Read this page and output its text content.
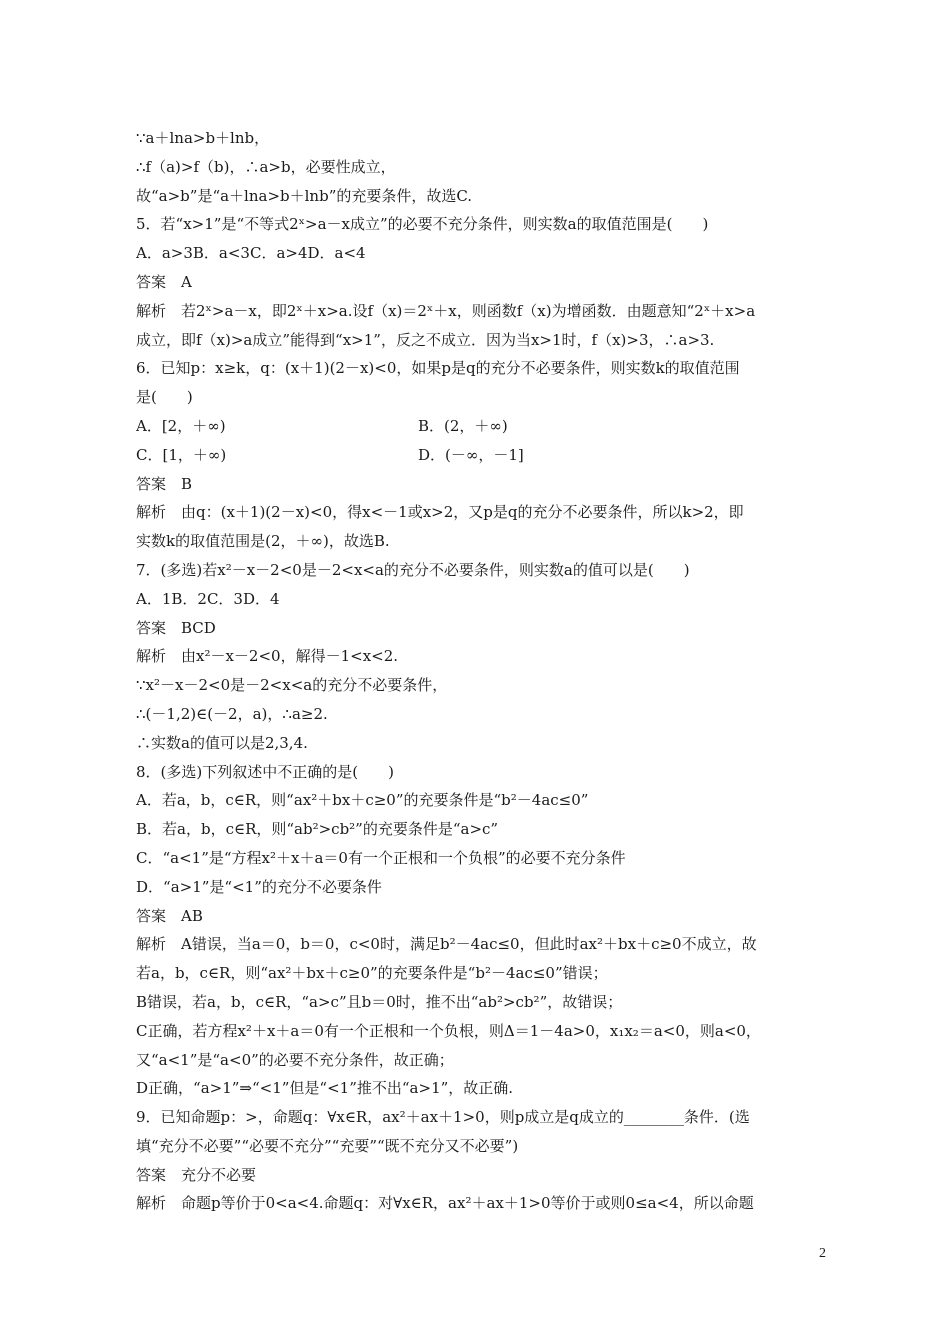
∵a＋lna>b＋lnb，
∴f（a)>f（b)，∴a>b，必要性成立，
故“a>b”是“a＋lna>b＋lnb”的充要条件，故选C.
5．若“x>1”是“不等式2ˣ>a－x成立”的必要不充分条件，则实数a的取值范围是(　　)
A．a>3B．a<3C．a>4D．a<4
答案　A
解析　若2ˣ>a－x，即2ˣ＋x>a.设f（x)＝2ˣ＋x，则函数f（x)为增函数．由题意知“2ˣ＋x>a
成立，即f（x)>a成立”能得到“x>1”，反之不成立．因为当x>1时，f（x)>3，∴a>3.
6．已知p：x≥k，q：(x＋1)(2－x)<0，如果p是q的充分不必要条件，则实数k的取值范围
是(　　)
A．[2，＋∞)	B．(2，＋∞)
C．[1，＋∞)	D．(－∞，－1]
答案　B
解析　由q：(x＋1)(2－x)<0，得x<－1或x>2，又p是q的充分不必要条件，所以k>2，即
实数k的取值范围是(2，＋∞)，故选B.
7．(多选)若x²－x－2<0是－2<x<a的充分不必要条件，则实数a的值可以是(　　)
A．1B．2C．3D．4
答案　BCD
解析　由x²－x－2<0，解得－1<x<2.
∵x²－x－2<0是－2<x<a的充分不必要条件，
∴(－1,2)∈(－2，a)，∴a≥2.
∴实数a的值可以是2,3,4.
8．(多选)下列叙述中不正确的是(　　)
A．若a，b，c∈R，则“ax²＋bx＋c≥0”的充要条件是“b²－4ac≤0”
B．若a，b，c∈R，则“ab²>cb²”的充要条件是“a>c”
C．“a<1”是“方程x²＋x＋a＝0有一个正根和一个负根”的必要不充分条件
D．“a>1”是“<1”的充分不必要条件
答案　AB
解析　A错误，当a＝0，b＝0，c<0时，满足b²－4ac≤0，但此时ax²＋bx＋c≥0不成立，故
若a，b，c∈R，则“ax²＋bx＋c≥0”的充要条件是“b²－4ac≤0”错误；
B错误，若a，b，c∈R，“a>c”且b＝0时，推不出“ab²>cb²”，故错误；
C正确，若方程x²＋x＋a＝0有一个正根和一个负根，则Δ＝1－4a>0，x₁x₂＝a<0，则a<0，
又“a<1”是“a<0”的必要不充分条件，故正确；
D正确，“a>1”⇒“<1”但是“<1”推不出“a>1”，故正确.
9．已知命题p：>，命题q：∀x∈R，ax²＋ax＋1>0，则p成立是q成立的________条件．(选
填“充分不必要”“必要不充分”“充要”“既不充分又不必要”)
答案　充分不必要
解析　命题p等价于0<a<4.命题q：对∀x∈R，ax²＋ax＋1>0等价于或则0≤a<4，所以命题
2
